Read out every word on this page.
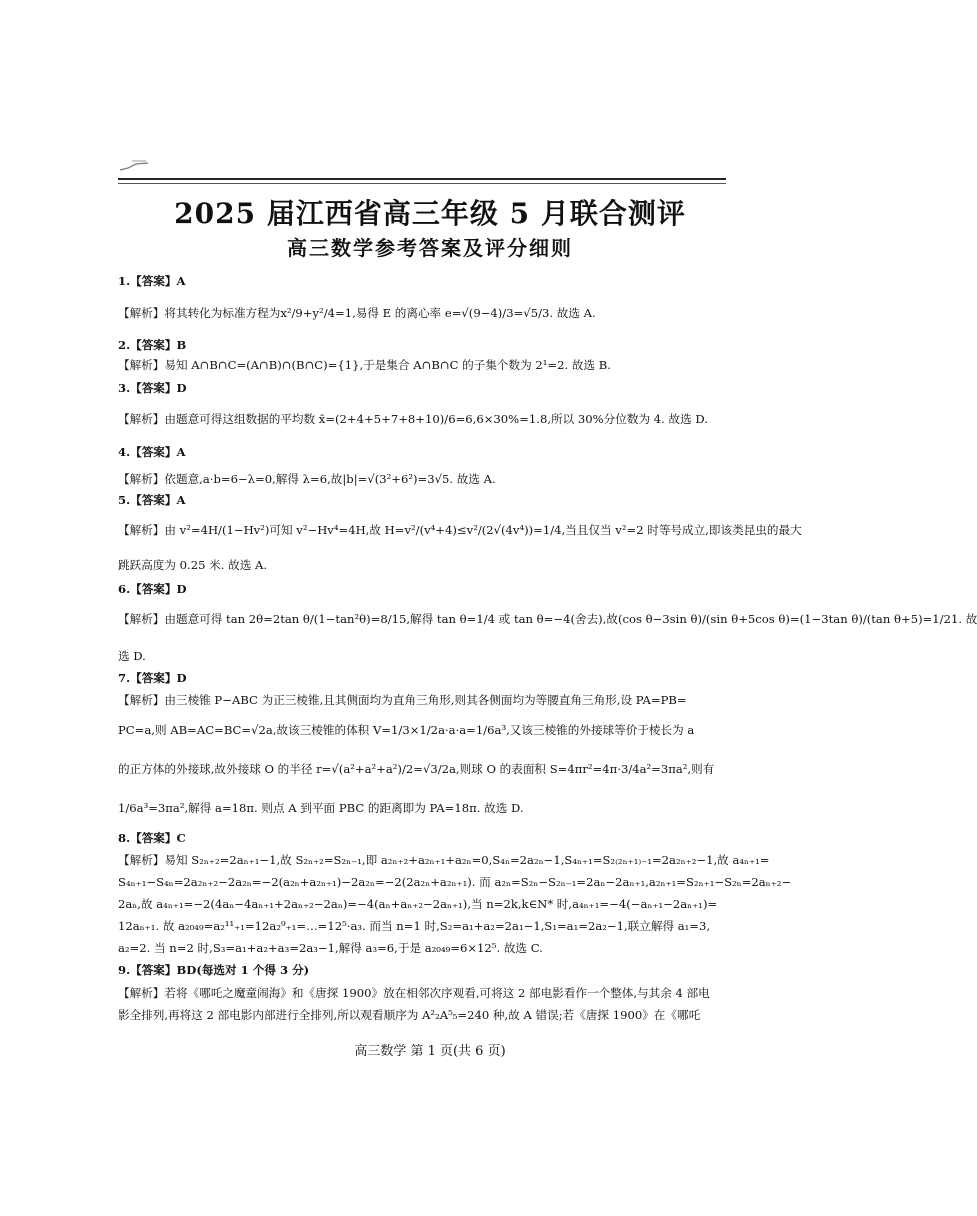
2025 届江西省高三年级 5 月联合测评
高三数学参考答案及评分细则
1.【答案】A
【解析】将其转化为标准方程为x²/9+y²/4=1,易得 E 的离心率 e=√(9−4)/3=√5/3. 故选 A.
2.【答案】B
【解析】易知 A∩B∩C=(A∩B)∩(B∩C)={1},于是集合 A∩B∩C 的子集个数为 2¹=2. 故选 B.
3.【答案】D
【解析】由题意可得这组数据的平均数 x̄=(2+4+5+7+8+10)/6=6,6×30%=1.8,所以 30%分位数为 4. 故选 D.
4.【答案】A
【解析】依题意,a·b=6−λ=0,解得 λ=6,故|b|=√(3²+6²)=3√5. 故选 A.
5.【答案】A
【解析】由 v²=4H/(1−Hv²)可知 v²−Hv⁴=4H,故 H=v²/(v⁴+4)≤v²/(2√(4v⁴))=1/4,当且仅当 v²=2 时等号成立,即该类昆虫的最大
跳跃高度为 0.25 米. 故选 A.
6.【答案】D
【解析】由题意可得 tan 2θ=2tan θ/(1−tan²θ)=8/15,解得 tan θ=1/4 或 tan θ=−4(舍去),故(cos θ−3sin θ)/(sin θ+5cos θ)=(1−3tan θ)/(tan θ+5)=1/21. 故
选 D.
7.【答案】D
【解析】由三棱锥 P−ABC 为正三棱锥,且其侧面均为直角三角形,则其各侧面均为等腰直角三角形,设 PA=PB=
PC=a,则 AB=AC=BC=√2a,故该三棱锥的体积 V=1/3×1/2a·a·a=1/6a³,又该三棱锥的外接球等价于棱长为 a
的正方体的外接球,故外接球 O 的半径 r=√(a²+a²+a²)/2=√3/2a,则球 O 的表面积 S=4πr²=4π·3/4a²=3πa²,则有
1/6a³=3πa²,解得 a=18π. 则点 A 到平面 PBC 的距离即为 PA=18π. 故选 D.
8.【答案】C
【解析】易知 S₂ₙ₊₂=2aₙ₊₁−1,故 S₂ₙ₊₂=S₂ₙ₋₁,即 a₂ₙ₊₂+a₂ₙ₊₁+a₂ₙ=0,S₄ₙ=2a₂ₙ−1,S₄ₙ₊₁=S₂₍₂ₙ₊₁₎₋₁=2a₂ₙ₊₂−1,故 a₄ₙ₊₁=
S₄ₙ₊₁−S₄ₙ=2a₂ₙ₊₂−2a₂ₙ=−2(a₂ₙ+a₂ₙ₊₁)−2a₂ₙ=−2(2a₂ₙ+a₂ₙ₊₁). 而 a₂ₙ=S₂ₙ−S₂ₙ₋₁=2aₙ−2aₙ₊₁,a₂ₙ₊₁=S₂ₙ₊₁−S₂ₙ=2aₙ₊₂−
2aₙ,故 a₄ₙ₊₁=−2(4aₙ−4aₙ₊₁+2aₙ₊₂−2aₙ)=−4(aₙ+aₙ₊₂−2aₙ₊₁),当 n=2k,k∈N* 时,a₄ₙ₊₁=−4(−aₙ₊₁−2aₙ₊₁)=
12aₙ₊₁. 故 a₂₀₄₉=a₂¹¹₊₁=12a₂⁹₊₁=…=12⁵·a₃. 而当 n=1 时,S₂=a₁+a₂=2a₁−1,S₁=a₁=2a₂−1,联立解得 a₁=3,
a₂=2. 当 n=2 时,S₃=a₁+a₂+a₃=2a₃−1,解得 a₃=6,于是 a₂₀₄₉=6×12⁵. 故选 C.
9.【答案】BD(每选对 1 个得 3 分)
【解析】若将《哪吒之魔童闹海》和《唐探 1900》放在相邻次序观看,可将这 2 部电影看作一个整体,与其余 4 部电
影全排列,再将这 2 部电影内部进行全排列,所以观看顺序为 A²₂A⁵₅=240 种,故 A 错误;若《唐探 1900》在《哪吒
高三数学 第 1 页(共 6 页)
